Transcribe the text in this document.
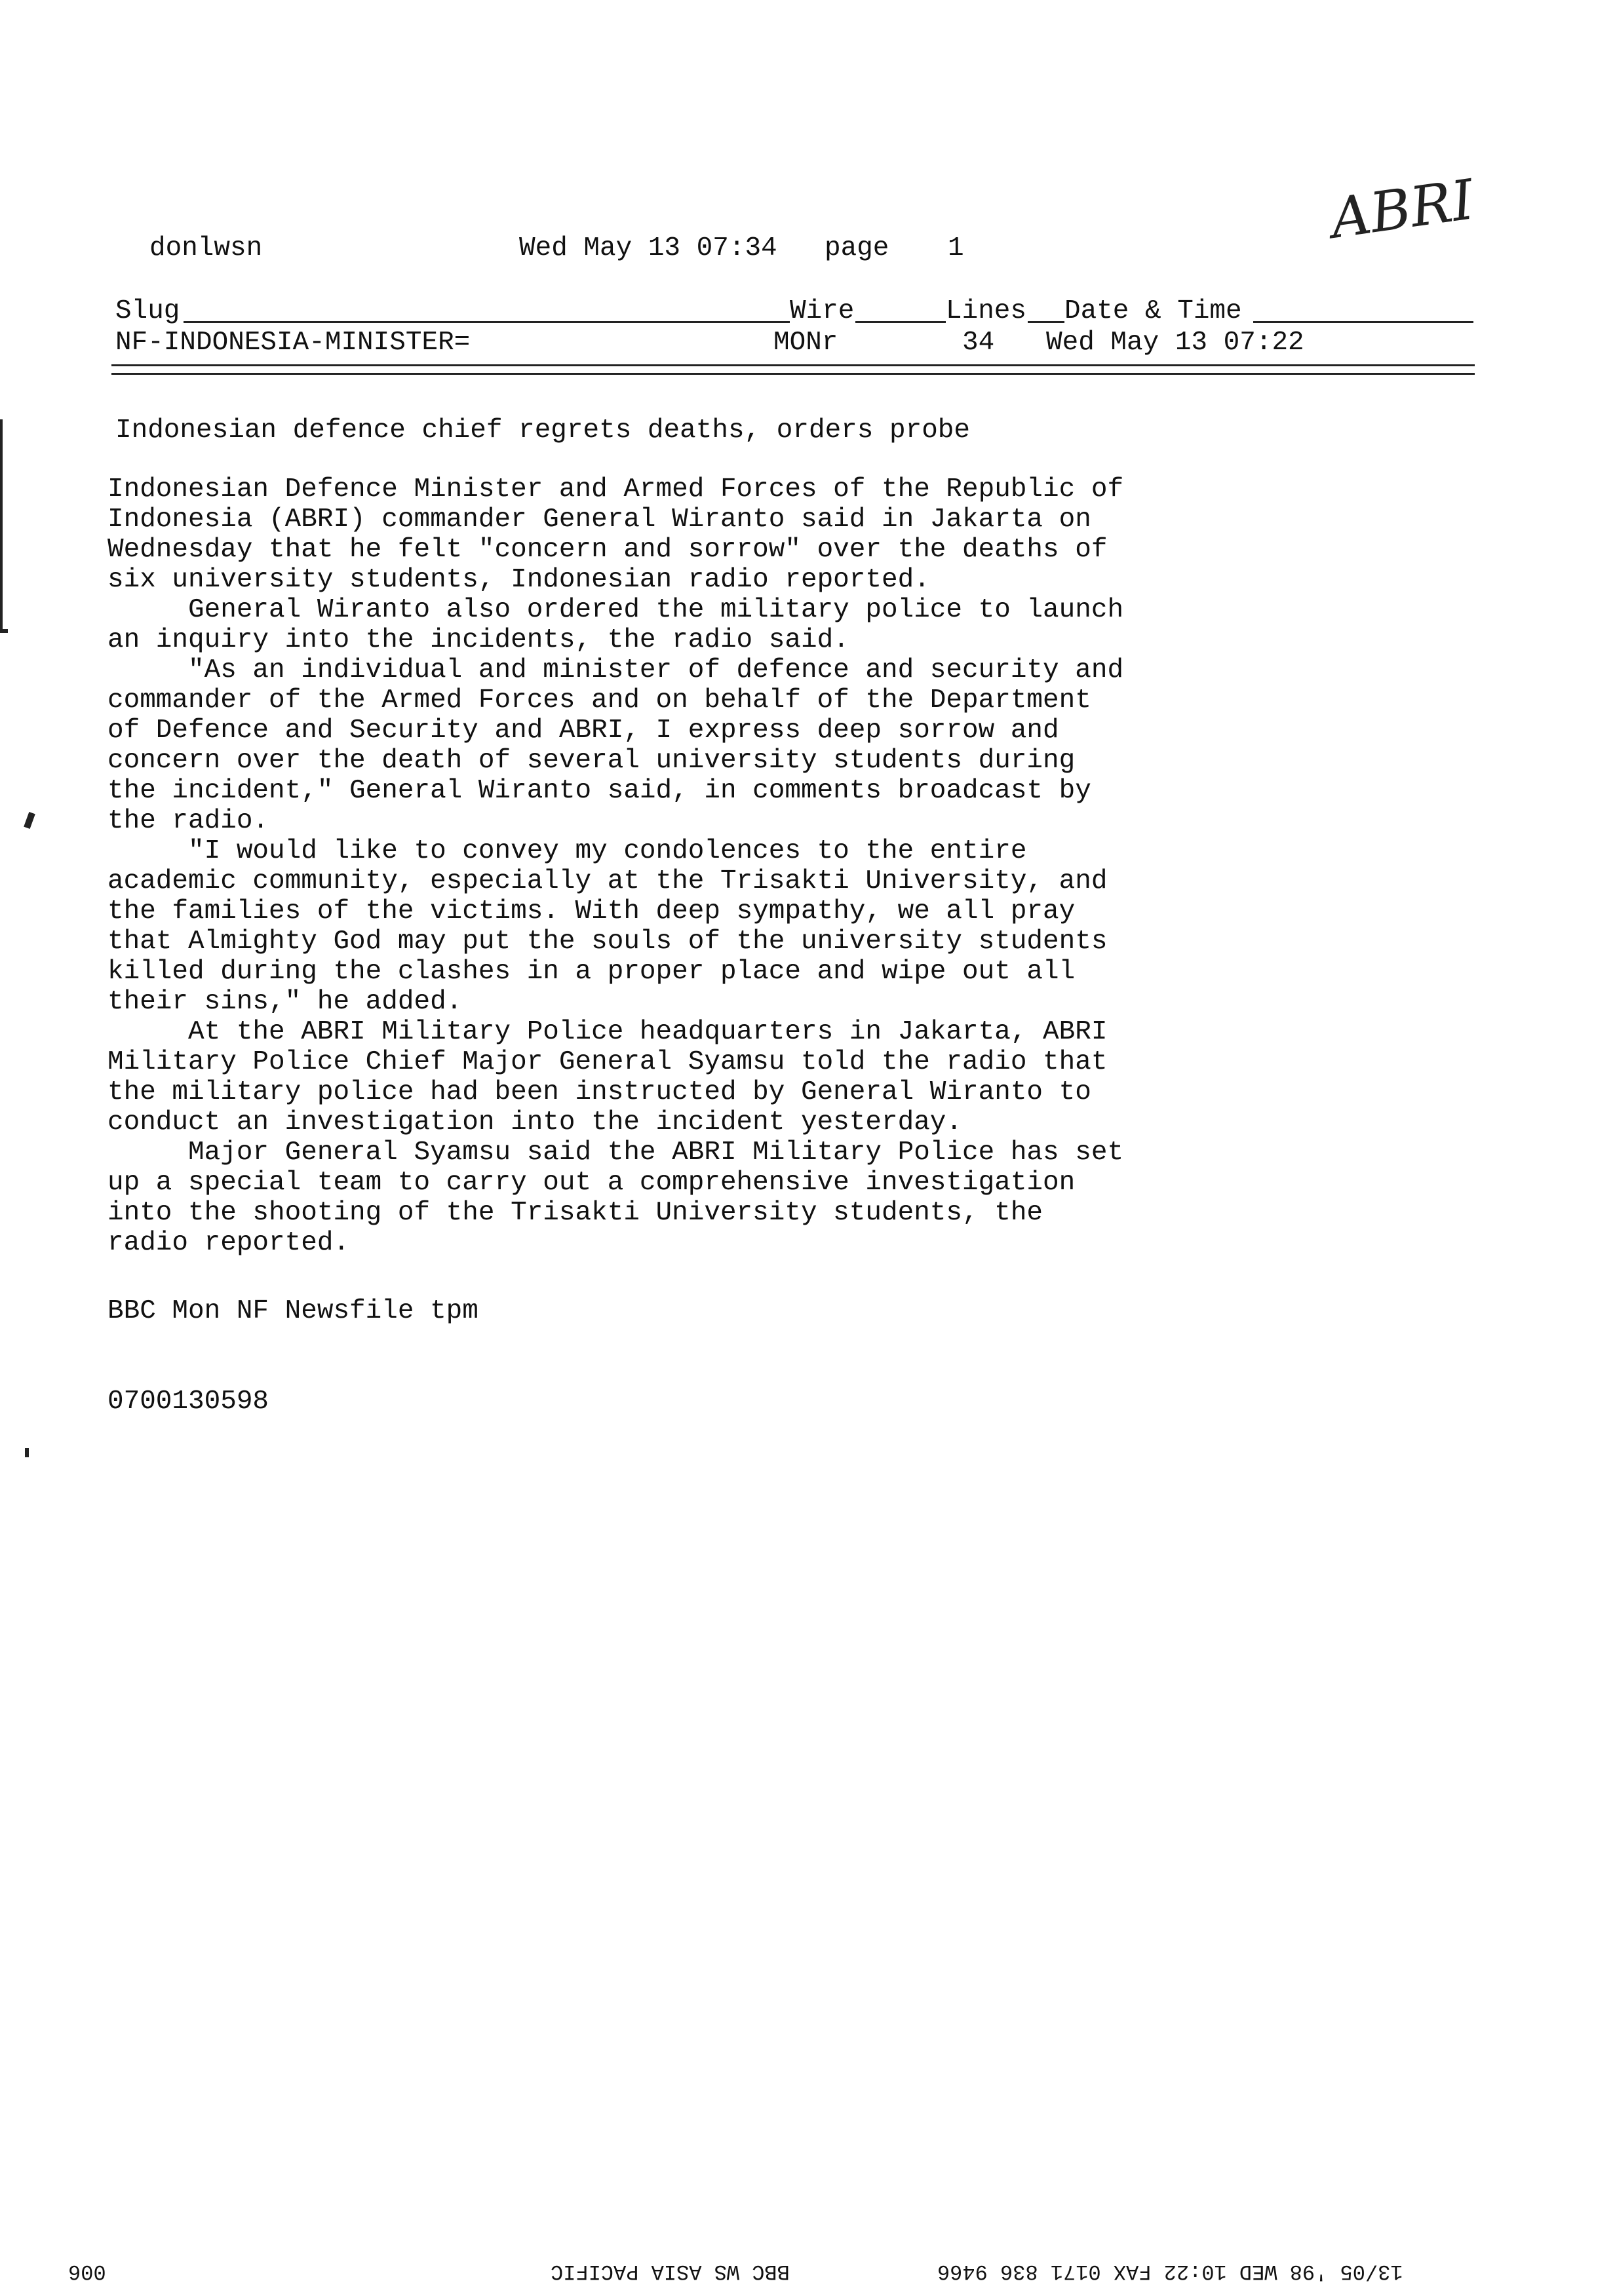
ABRI
donlwsn	Wed May 13 07:34 page 1
Slug	Wire	Lines Date & Time
NF-INDONESIA-MINISTER=	MONr	34 Wed May 13 07:22
Indonesian defence chief regrets deaths, orders probe

Indonesian Defence Minister and Armed Forces of the Republic of

Indonesia (ABRI) commander General Wiranto said in Jakarta on

Wednesday that he felt "concern and sorrow" over the deaths of

six university students, Indonesian radio reported.

General Wiranto also ordered the military police to launch

an inquiry into the incidents, the radio said.

"As an individual and minister of defence and security and

commander of the Armed Forces and on behalf of the Department

of Defence and Security and ABRI, I express deep sorrow and

concern over the death of several university students during

the incident," General Wiranto said, in comments broadcast by

the radio.

"I would like to convey my condolences to the entire

academic community, especially at the Trisakti University, and

the families of the victims. With deep sympathy, we all pray

that Almighty God may put the souls of the university students

killed during the clashes in a proper place and wipe out all

their sins," he added.

At the ABRI Military Police headquarters in Jakarta, ABRI

Military Police Chief Major General Syamsu told the radio that

the military police had been instructed by General Wiranto to

conduct an investigation into the incident yesterday.

Major General Syamsu said the ABRI Military Police has set

up a special team to carry out a comprehensive investigation

into the shooting of the Trisakti University students, the

radio reported.

BBC Mon NF Newsfile tpm
0700130598
13/05 '98 WED 10:22 FAX 0171 836 9466
BBC WS ASIA PACIFIC
006
